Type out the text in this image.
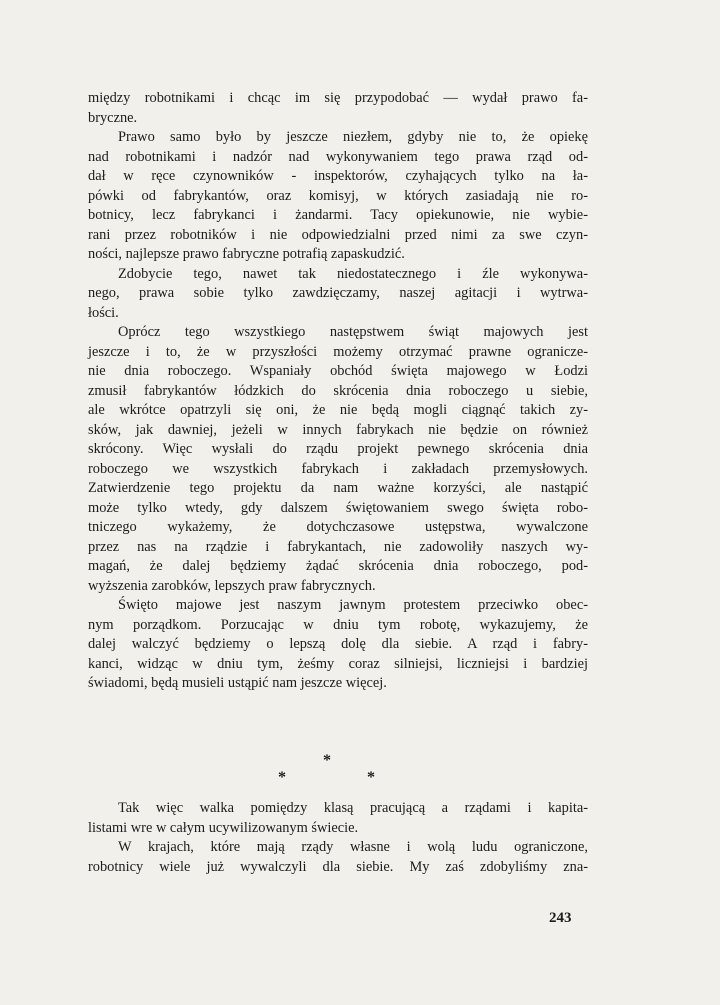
między robotnikami i chcąc im się przypodobać — wydał prawo fa-
bryczne.
Prawo samo było by jeszcze niezłem, gdyby nie to, że opiekę
nad robotnikami i nadzór nad wykonywaniem tego prawa rząd od-
dał w ręce czynowników - inspektorów, czyhających tylko na ła-
pówki od fabrykantów, oraz komisyj, w których zasiadają nie ro-
botnicy, lecz fabrykanci i żandarmi. Tacy opiekunowie, nie wybie-
rani przez robotników i nie odpowiedzialni przed nimi za swe czyn-
ności, najlepsze prawo fabryczne potrafią zapaskudzić.
Zdobycie tego, nawet tak niedostatecznego i źle wykonywa-
nego, prawa sobie tylko zawdzięczamy, naszej agitacji i wytrwa-
łości.
Oprócz tego wszystkiego następstwem świąt majowych jest
jeszcze i to, że w przyszłości możemy otrzymać prawne ogranicze-
nie dnia roboczego. Wspaniały obchód święta majowego w Łodzi
zmusił fabrykantów łódzkich do skrócenia dnia roboczego u siebie,
ale wkrótce opatrzyli się oni, że nie będą mogli ciągnąć takich zy-
sków, jak dawniej, jeżeli w innych fabrykach nie będzie on również
skrócony. Więc wysłali do rządu projekt pewnego skrócenia dnia
roboczego we wszystkich fabrykach i zakładach przemysłowych.
Zatwierdzenie tego projektu da nam ważne korzyści, ale nastąpić
może tylko wtedy, gdy dalszem świętowaniem swego święta robo-
tniczego wykażemy, że dotychczasowe ustępstwa, wywalczone
przez nas na rządzie i fabrykantach, nie zadowoliły naszych wy-
magań, że dalej będziemy żądać skrócenia dnia roboczego, pod-
wyższenia zarobków, lepszych praw fabrycznych.
Święto majowe jest naszym jawnym protestem przeciwko obec-
nym porządkom. Porzucając w dniu tym robotę, wykazujemy, że
dalej walczyć będziemy o lepszą dolę dla siebie. A rząd i fabry-
kanci, widząc w dniu tym, żeśmy coraz silniejsi, liczniejsi i bardziej
świadomi, będą musieli ustąpić nam jeszcze więcej.
*
*	*
Tak więc walka pomiędzy klasą pracującą a rządami i kapita-
listami wre w całym ucywilizowanym świecie.
W krajach, które mają rządy własne i wolą ludu ograniczone,
robotnicy wiele już wywalczyli dla siebie. My zaś zdobyliśmy zna-
243
